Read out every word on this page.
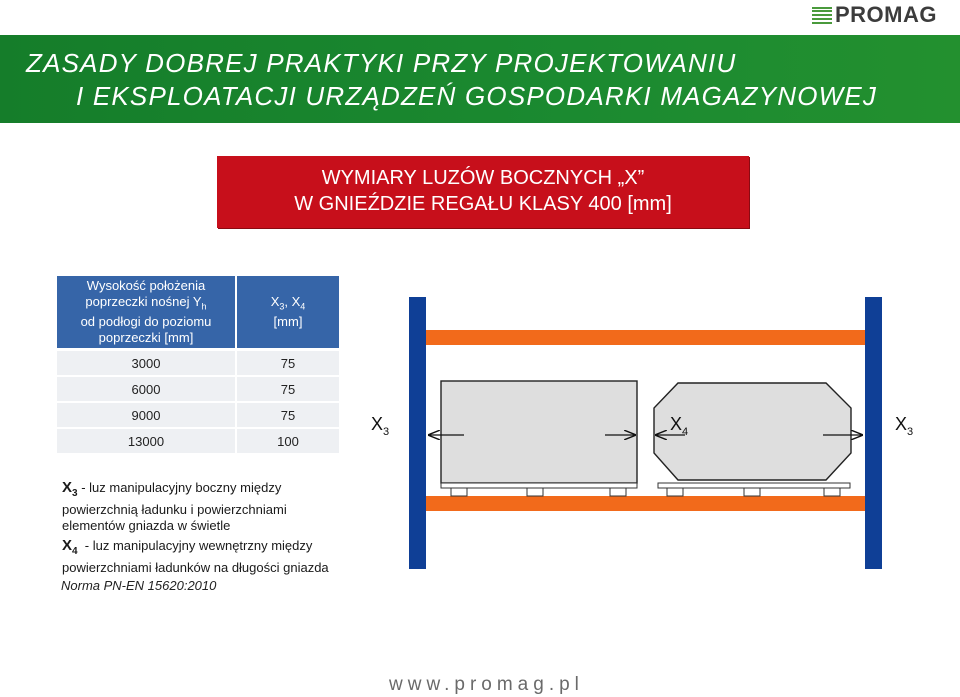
PROMAG
ZASADY DOBREJ PRAKTYKI PRZY PROJEKTOWANIU
I EKSPLOATACJI URZĄDZEŃ GOSPODARKI MAGAZYNOWEJ
WYMIARY LUZÓW BOCZNYCH „X”
W GNIEŹDZIE REGAŁU KLASY 400 [mm]
Wysokość położenia
poprzeczki nośnej $Y_h$
od podłogi do poziomu
poprzeczki [mm]
$X_3$, $X_4$
[mm]
3000	75
6000	75
9000	75
13000	100
$X_3$	$X_4$	$X_3$
$X_3$ - luz manipulacyjny boczny między
powierzchnią ładunku i powierzchniami
elementów gniazda w świetle
$X_4$  - luz manipulacyjny wewnętrzny między
powierzchniami ładunków na długości gniazda
Norma PN-EN 15620:2010
www.promag.pl
